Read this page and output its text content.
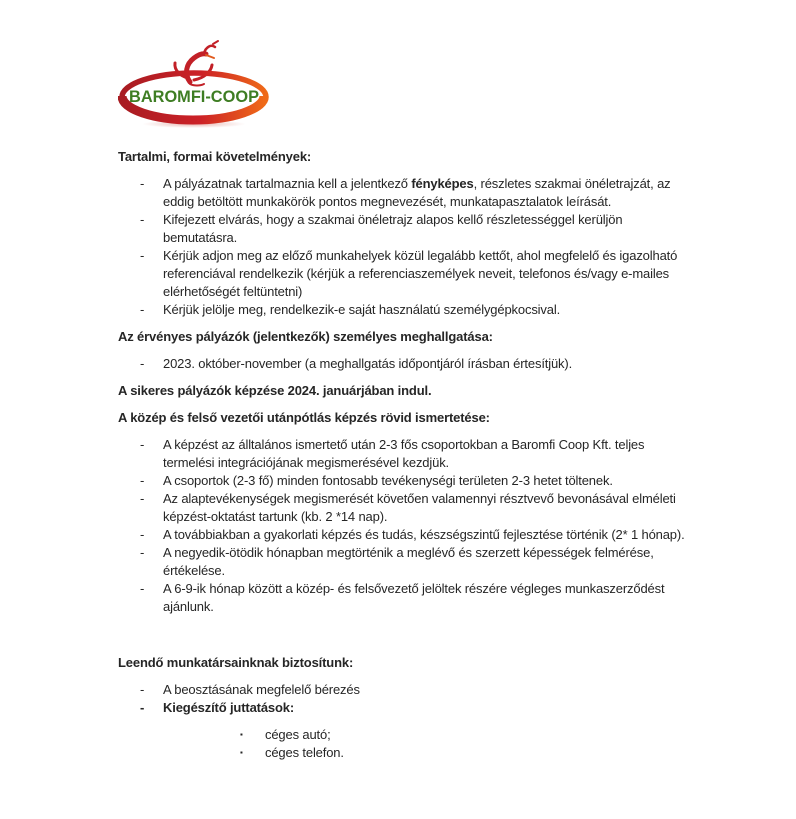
BAROMFI-COOP

Tartalmi, formai követelmények:

-	A pályázatnak tartalmaznia kell a jelentkező fényképes, részletes szakmai önéletrajzát, az eddig betöltött munkakörök pontos megnevezését, munkatapasztalatok leírását.
-	Kifejezett elvárás, hogy a szakmai önéletrajz alapos kellő részletességgel kerüljön bemutatásra.
-	Kérjük adjon meg az előző munkahelyek közül legalább kettőt, ahol megfelelő és igazolható referenciával rendelkezik (kérjük a referenciaszemélyek neveit, telefonos és/vagy e-mailes elérhetőségét feltüntetni)
-	Kérjük jelölje meg, rendelkezik-e saját használatú személygépkocsival.

Az érvényes pályázók (jelentkezők) személyes meghallgatása:

-	2023. október-november (a meghallgatás időpontjáról írásban értesítjük).

A sikeres pályázók képzése 2024. januárjában indul.

A közép és felső vezetői utánpótlás képzés rövid ismertetése:

-	A képzést az álltalános ismertető után 2-3 fős csoportokban a Baromfi Coop Kft. teljes termelési integrációjának megismerésével kezdjük.
-	A csoportok (2-3 fő) minden fontosabb tevékenységi területen 2-3 hetet töltenek.
-	Az alaptevékenységek megismerését követően valamennyi résztvevő bevonásával elméleti képzést-oktatást tartunk (kb. 2 *14 nap).
-	A továbbiakban a gyakorlati képzés és tudás, készségszintű fejlesztése történik (2* 1 hónap).
-	A negyedik-ötödik hónapban megtörténik a meglévő és szerzett képességek felmérése, értékelése.
-	A 6-9-ik hónap között a közép- és felsővezető jelöltek részére végleges munkaszerződést ajánlunk.

Leendő munkatársainknak biztosítunk:

-	A beosztásának megfelelő bérezés
-	Kiegészítő juttatások:
▪	céges autó;
▪	céges telefon.
